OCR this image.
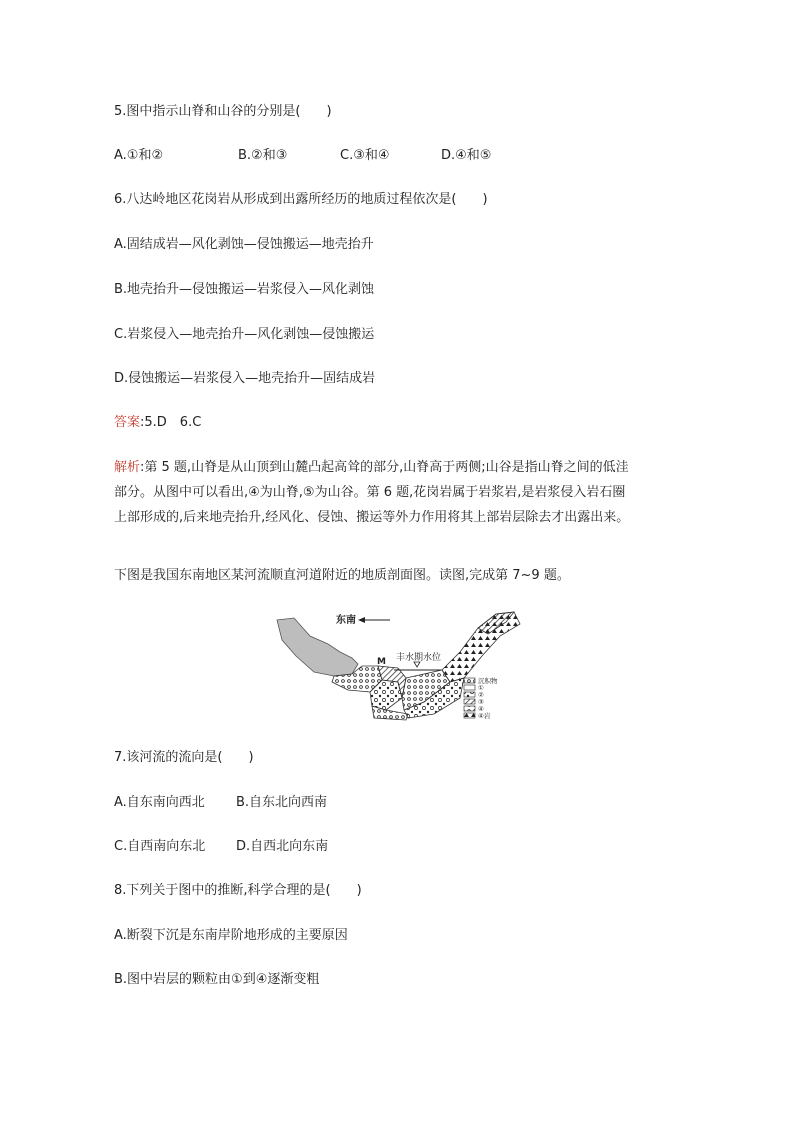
5.图中指示山脊和山谷的分别是(　　)
A.①和②	B.②和③	C.③和④	D.④和⑤
6.八达岭地区花岗岩从形成到出露所经历的地质过程依次是(　　)
A.固结成岩—风化剥蚀—侵蚀搬运—地壳抬升
B.地壳抬升—侵蚀搬运—岩浆侵入—风化剥蚀
C.岩浆侵入—地壳抬升—风化剥蚀—侵蚀搬运
D.侵蚀搬运—岩浆侵入—地壳抬升—固结成岩
答案:5.D　6.C
解析:第 5 题,山脊是从山顶到山麓凸起高耸的部分,山脊高于两侧;山谷是指山脊之间的低洼
部分。从图中可以看出,④为山脊,⑤为山谷。第 6 题,花岗岩属于岩浆岩,是岩浆侵入岩石圈
上部形成的,后来地壳抬升,经风化、侵蚀、搬运等外力作用将其上部岩层除去才出露出来。
下图是我国东南地区某河流顺直河道附近的地质剖面图。读图,完成第 7~9 题。
东南
M 丰水期水位
沉积物
①
②
③
④
④岩
7.该河流的流向是(　　)
A.自东南向西北 B.自东北向西南
C.自西南向东北 D.自西北向东南
8.下列关于图中的推断,科学合理的是(　　)
A.断裂下沉是东南岸阶地形成的主要原因
B.图中岩层的颗粒由①到④逐渐变粗
